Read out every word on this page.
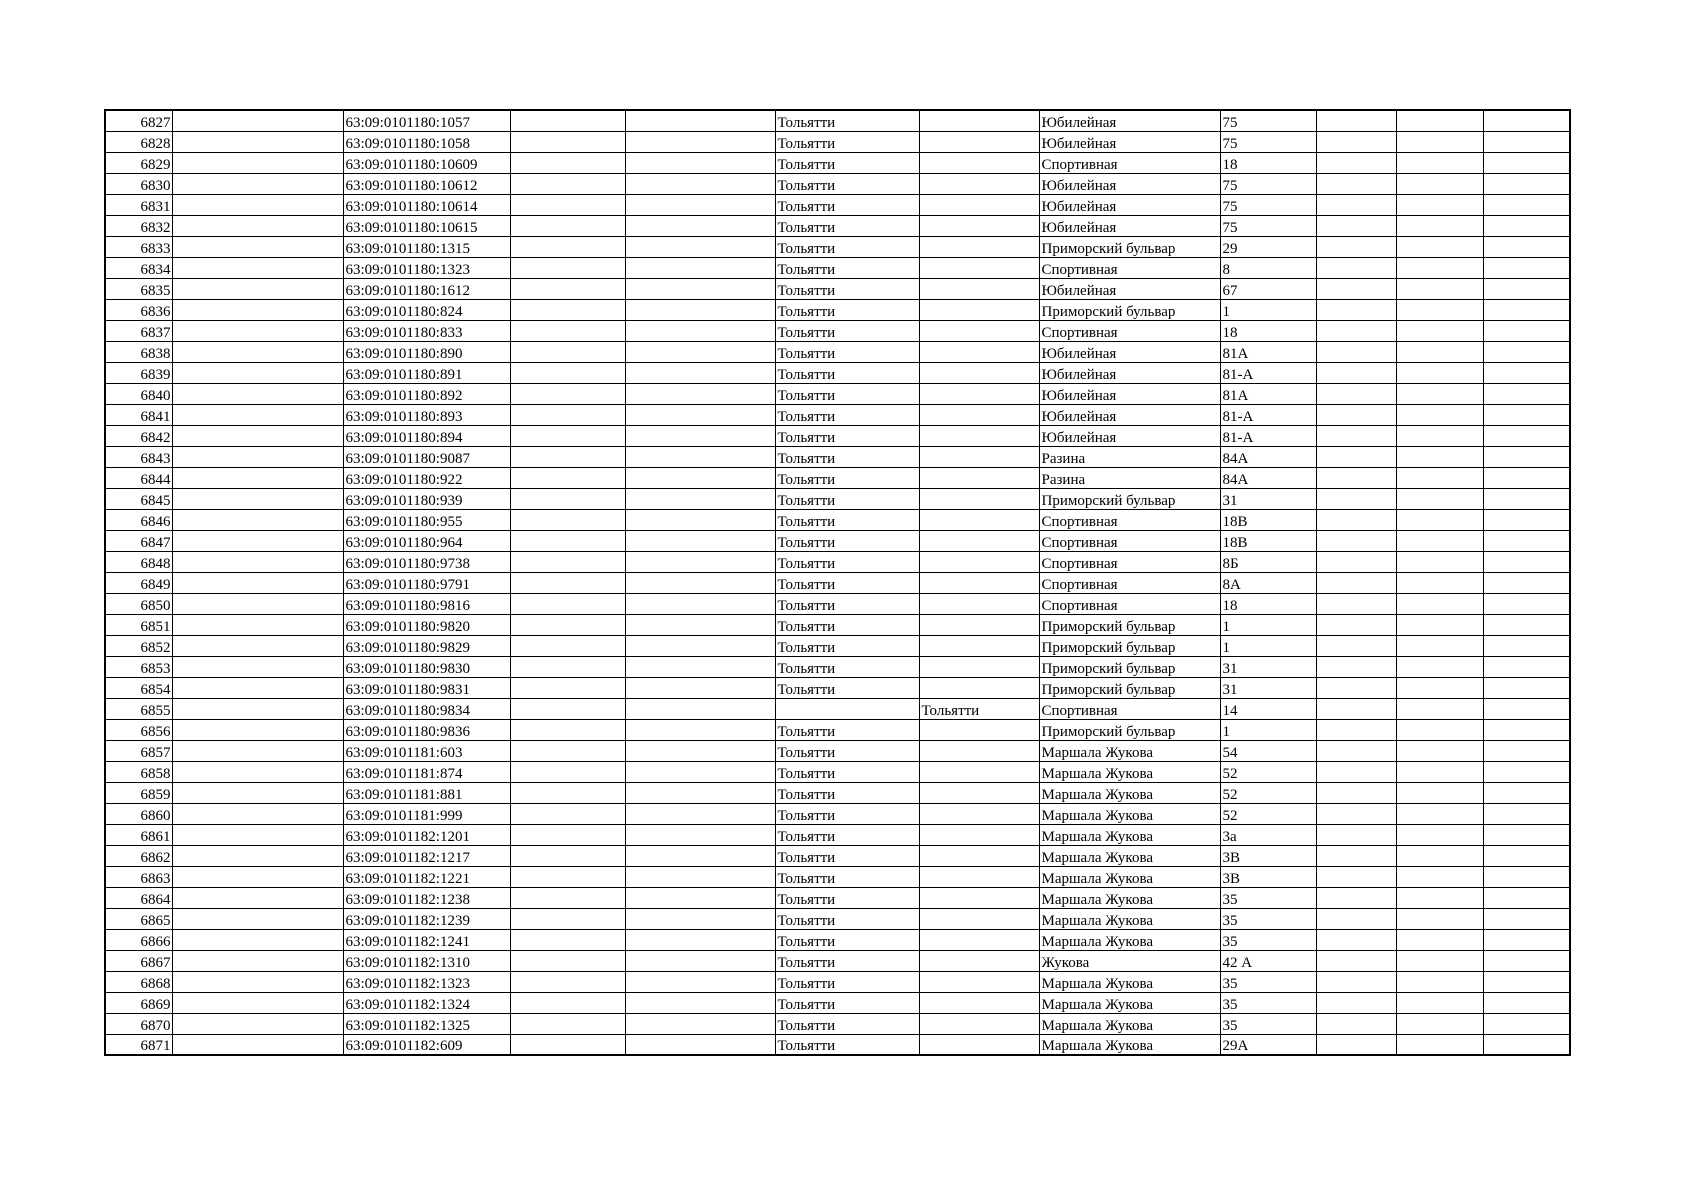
6827		63:09:0101180:1057			Тольятти		Юбилейная	75			
6828		63:09:0101180:1058			Тольятти		Юбилейная	75			
6829		63:09:0101180:10609			Тольятти		Спортивная	18			
6830		63:09:0101180:10612			Тольятти		Юбилейная	75			
6831		63:09:0101180:10614			Тольятти		Юбилейная	75			
6832		63:09:0101180:10615			Тольятти		Юбилейная	75			
6833		63:09:0101180:1315			Тольятти		Приморский бульвар	29			
6834		63:09:0101180:1323			Тольятти		Спортивная	8			
6835		63:09:0101180:1612			Тольятти		Юбилейная	67			
6836		63:09:0101180:824			Тольятти		Приморский бульвар	1			
6837		63:09:0101180:833			Тольятти		Спортивная	18			
6838		63:09:0101180:890			Тольятти		Юбилейная	81А			
6839		63:09:0101180:891			Тольятти		Юбилейная	81-А			
6840		63:09:0101180:892			Тольятти		Юбилейная	81А			
6841		63:09:0101180:893			Тольятти		Юбилейная	81-А			
6842		63:09:0101180:894			Тольятти		Юбилейная	81-А			
6843		63:09:0101180:9087			Тольятти		Разина	84А			
6844		63:09:0101180:922			Тольятти		Разина	84А			
6845		63:09:0101180:939			Тольятти		Приморский бульвар	31			
6846		63:09:0101180:955			Тольятти		Спортивная	18В			
6847		63:09:0101180:964			Тольятти		Спортивная	18В			
6848		63:09:0101180:9738			Тольятти		Спортивная	8Б			
6849		63:09:0101180:9791			Тольятти		Спортивная	8А			
6850		63:09:0101180:9816			Тольятти		Спортивная	18			
6851		63:09:0101180:9820			Тольятти		Приморский бульвар	1			
6852		63:09:0101180:9829			Тольятти		Приморский бульвар	1			
6853		63:09:0101180:9830			Тольятти		Приморский бульвар	31			
6854		63:09:0101180:9831			Тольятти		Приморский бульвар	31			
6855		63:09:0101180:9834				Тольятти	Спортивная	14			
6856		63:09:0101180:9836			Тольятти		Приморский бульвар	1			
6857		63:09:0101181:603			Тольятти		Маршала Жукова	54			
6858		63:09:0101181:874			Тольятти		Маршала Жукова	52			
6859		63:09:0101181:881			Тольятти		Маршала Жукова	52			
6860		63:09:0101181:999			Тольятти		Маршала Жукова	52			
6861		63:09:0101182:1201			Тольятти		Маршала Жукова	3а			
6862		63:09:0101182:1217			Тольятти		Маршала Жукова	3В			
6863		63:09:0101182:1221			Тольятти		Маршала Жукова	3В			
6864		63:09:0101182:1238			Тольятти		Маршала Жукова	35			
6865		63:09:0101182:1239			Тольятти		Маршала Жукова	35			
6866		63:09:0101182:1241			Тольятти		Маршала Жукова	35			
6867		63:09:0101182:1310			Тольятти		Жукова	42 А			
6868		63:09:0101182:1323			Тольятти		Маршала Жукова	35			
6869		63:09:0101182:1324			Тольятти		Маршала Жукова	35			
6870		63:09:0101182:1325			Тольятти		Маршала Жукова	35			
6871		63:09:0101182:609			Тольятти		Маршала Жукова	29А			
